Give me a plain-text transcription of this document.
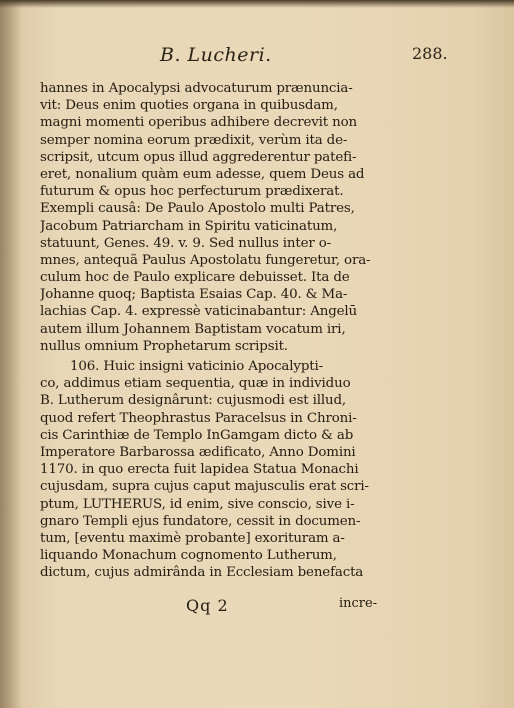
B. Lucheri.	288.
hannes in Apocalypsi advocaturum prænuncia-
vit: Deus enim quoties organa in quibusdam,
magni momenti operibus adhibere decrevit non
semper nomina eorum prædixit, verùm ita de-
scripsit, utcum opus illud aggrederentur patefi-
eret, nonalium quàm eum adesse, quem Deus ad
futurum & opus hoc perfecturum prædixerat.
Exempli causâ: De Paulo Apostolo multi Patres,
Jacobum Patriarcham in Spiritu vaticinatum,
statuunt, Genes. 49. v. 9. Sed nullus inter o-
mnes, antequã Paulus Apostolatu fungeretur, ora-
culum hoc de Paulo explicare debuisset. Ita de
Johanne quoq; Baptista Esaias Cap. 40. & Ma-
lachias Cap. 4. expressè vaticinabantur: Angelū
autem illum Johannem Baptistam vocatum iri,
nullus omnium Prophetarum scripsit.
106. Huic insigni vaticinio Apocalypti-
co, addimus etiam sequentia, quæ in individuo
B. Lutherum designârunt: cujusmodi est illud,
quod refert Theophrastus Paracelsus in Chroni-
cis Carinthiæ de Templo InGamgam dicto & ab
Imperatore Barbarossa ædificato, Anno Domini
1170. in quo erecta fuit lapidea Statua Monachi
cujusdam, supra cujus caput majusculis erat scri-
ptum, LUTHERUS, id enim, sive conscio, sive i-
gnaro Templi ejus fundatore, cessit in documen-
tum, [eventu maximè probante] exorituram a-
liquando Monachum cognomento Lutherum,
dictum, cujus admirânda in Ecclesiam benefacta
Qq 2	incre-
